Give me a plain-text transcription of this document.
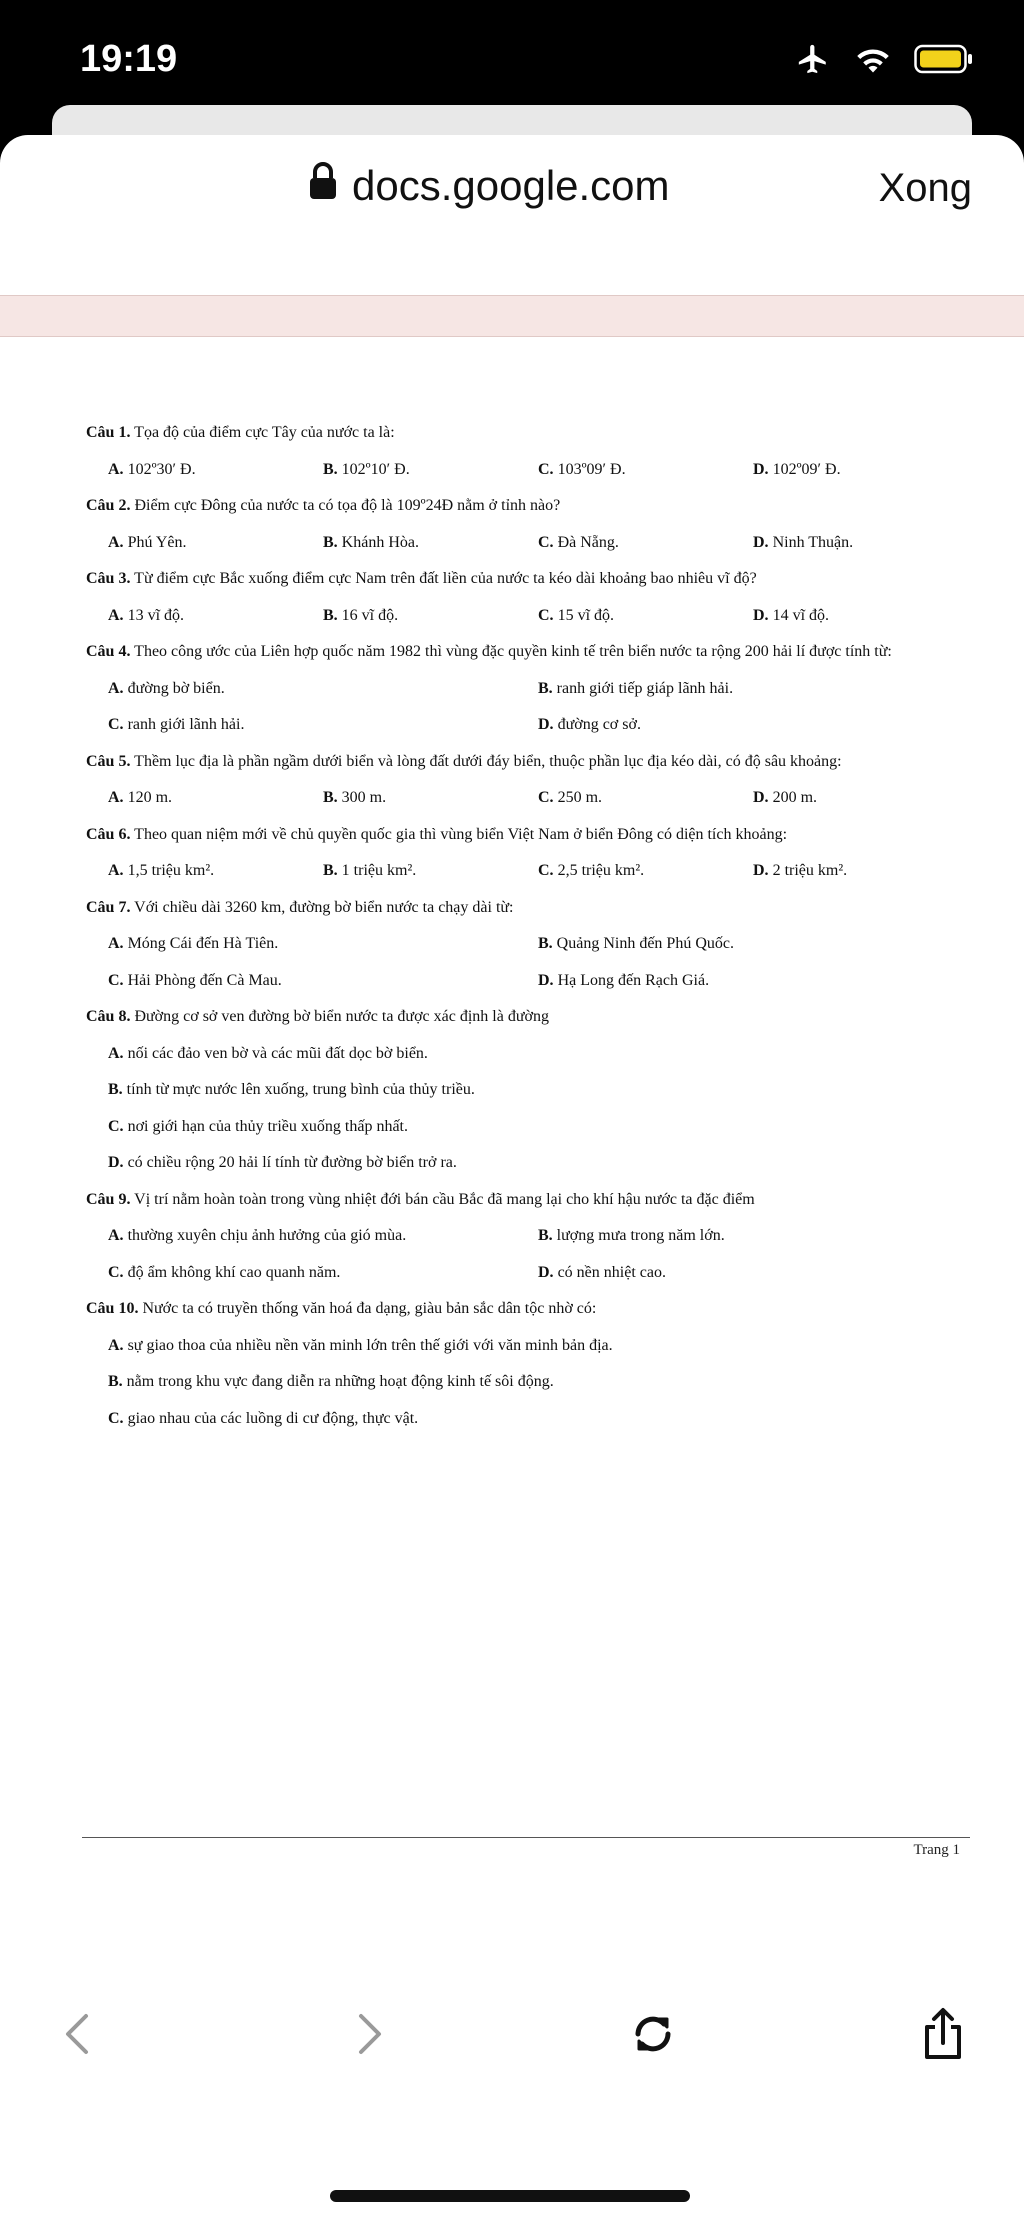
19:19
docs.google.com	Xong

Câu 1. Tọa độ của điểm cực Tây của nước ta là:

A. 102º30′ Đ.	B. 102º10′ Đ.	C. 103º09′ Đ.	D. 102º09′ Đ.

Câu 2. Điểm cực Đông của nước ta có tọa độ là 109º24Đ nằm ở tỉnh nào?

A. Phú Yên.	B. Khánh Hòa.	C. Đà Nẵng.	D. Ninh Thuận.

Câu 3. Từ điểm cực Bắc xuống điểm cực Nam trên đất liền của nước ta kéo dài khoảng bao nhiêu vĩ độ?

A. 13 vĩ độ.	B. 16 vĩ độ.	C. 15 vĩ độ.	D. 14 vĩ độ.

Câu 4. Theo công ước của Liên hợp quốc năm 1982 thì vùng đặc quyền kinh tế trên biển nước ta rộng 200 hải lí được tính từ:

A. đường bờ biển.	B. ranh giới tiếp giáp lãnh hải.
C. ranh giới lãnh hải.	D. đường cơ sở.

Câu 5. Thềm lục địa là phần ngầm dưới biển và lòng đất dưới đáy biển, thuộc phần lục địa kéo dài, có độ sâu khoảng:

A. 120 m.	B. 300 m.	C. 250 m.	D. 200 m.

Câu 6. Theo quan niệm mới về chủ quyền quốc gia thì vùng biển Việt Nam ở biển Đông có diện tích khoảng:

A. 1,5 triệu km².	B. 1 triệu km².	C. 2,5 triệu km².	D. 2 triệu km².

Câu 7. Với chiều dài 3260 km, đường bờ biển nước ta chạy dài từ:

A. Móng Cái đến Hà Tiên.	B. Quảng Ninh đến Phú Quốc.
C. Hải Phòng đến Cà Mau.	D. Hạ Long đến Rạch Giá.

Câu 8. Đường cơ sở ven đường bờ biển nước ta được xác định là đường

A. nối các đảo ven bờ và các mũi đất dọc bờ biển.
B. tính từ mực nước lên xuống, trung bình của thủy triều.
C. nơi giới hạn của thủy triều xuống thấp nhất.
D. có chiều rộng 20 hải lí tính từ đường bờ biển trở ra.

Câu 9. Vị trí nằm hoàn toàn trong vùng nhiệt đới bán cầu Bắc đã mang lại cho khí hậu nước ta đặc điểm

A. thường xuyên chịu ảnh hưởng của gió mùa.	B. lượng mưa trong năm lớn.
C. độ ẩm không khí cao quanh năm.	D. có nền nhiệt cao.

Câu 10. Nước ta có truyền thống văn hoá đa dạng, giàu bản sắc dân tộc nhờ có:

A. sự giao thoa của nhiều nền văn minh lớn trên thế giới với văn minh bản địa.
B. nằm trong khu vực đang diễn ra những hoạt động kinh tế sôi động.
C. giao nhau của các luồng di cư động, thực vật.
Trang 1
